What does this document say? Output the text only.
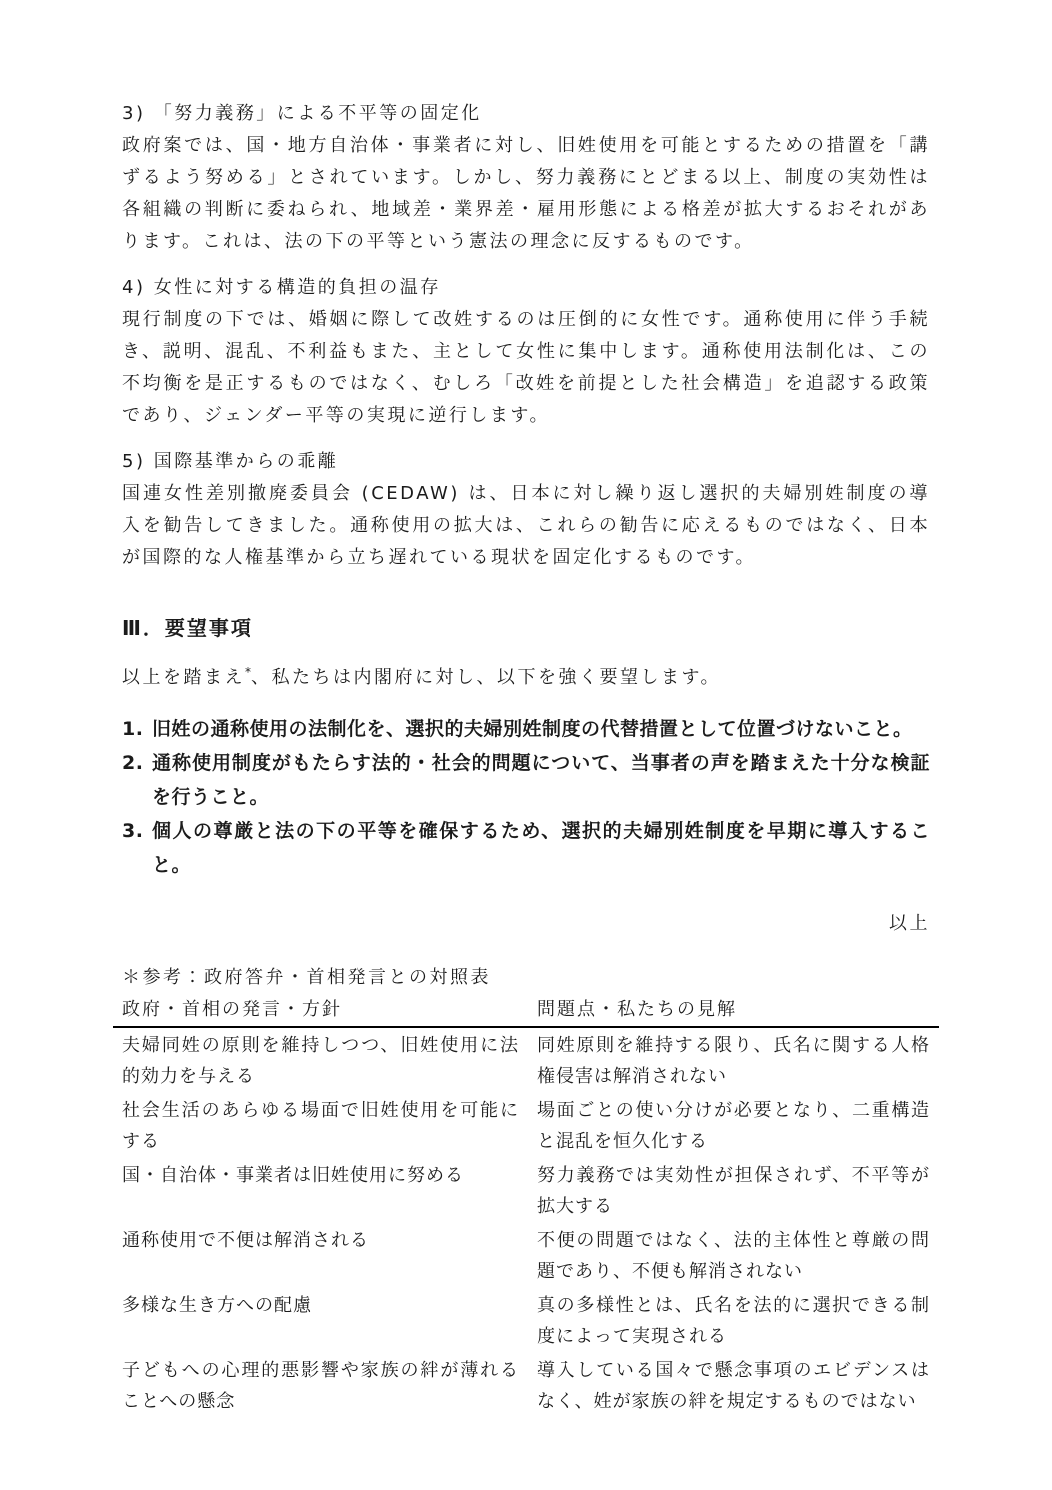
3) 「努力義務」による不平等の固定化

政府案では、国・地方自治体・事業者に対し、旧姓使用を可能とするための措置を「講ずるよう努める」とされています。しかし、努力義務にとどまる以上、制度の実効性は各組織の判断に委ねられ、地域差・業界差・雇用形態による格差が拡大するおそれがあります。これは、法の下の平等という憲法の理念に反するものです。

4) 女性に対する構造的負担の温存

現行制度の下では、婚姻に際して改姓するのは圧倒的に女性です。通称使用に伴う手続き、説明、混乱、不利益もまた、主として女性に集中します。通称使用法制化は、この不均衡を是正するものではなく、むしろ「改姓を前提とした社会構造」を追認する政策であり、ジェンダー平等の実現に逆行します。

5) 国際基準からの乖離

国連女性差別撤廃委員会 (CEDAW) は、日本に対し繰り返し選択的夫婦別姓制度の導入を勧告してきました。通称使用の拡大は、これらの勧告に応えるものではなく、日本が国際的な人権基準から立ち遅れている現状を固定化するものです。

Ⅲ．要望事項

以上を踏まえ*、私たちは内閣府に対し、以下を強く要望します。

1. 旧姓の通称使用の法制化を、選択的夫婦別姓制度の代替措置として位置づけないこと。
2. 通称使用制度がもたらす法的・社会的問題について、当事者の声を踏まえた十分な検証を行うこと。
3. 個人の尊厳と法の下の平等を確保するため、選択的夫婦別姓制度を早期に導入すること。

以上

＊参考：政府答弁・首相発言との対照表

政府・首相の発言・方針	問題点・私たちの見解
夫婦同姓の原則を維持しつつ、旧姓使用に法的効力を与える	同姓原則を維持する限り、氏名に関する人格権侵害は解消されない
社会生活のあらゆる場面で旧姓使用を可能にする	場面ごとの使い分けが必要となり、二重構造と混乱を恒久化する
国・自治体・事業者は旧姓使用に努める	努力義務では実効性が担保されず、不平等が拡大する
通称使用で不便は解消される	不便の問題ではなく、法的主体性と尊厳の問題であり、不便も解消されない
多様な生き方への配慮	真の多様性とは、氏名を法的に選択できる制度によって実現される
子どもへの心理的悪影響や家族の絆が薄れることへの懸念	導入している国々で懸念事項のエビデンスはなく、姓が家族の絆を規定するものではない
